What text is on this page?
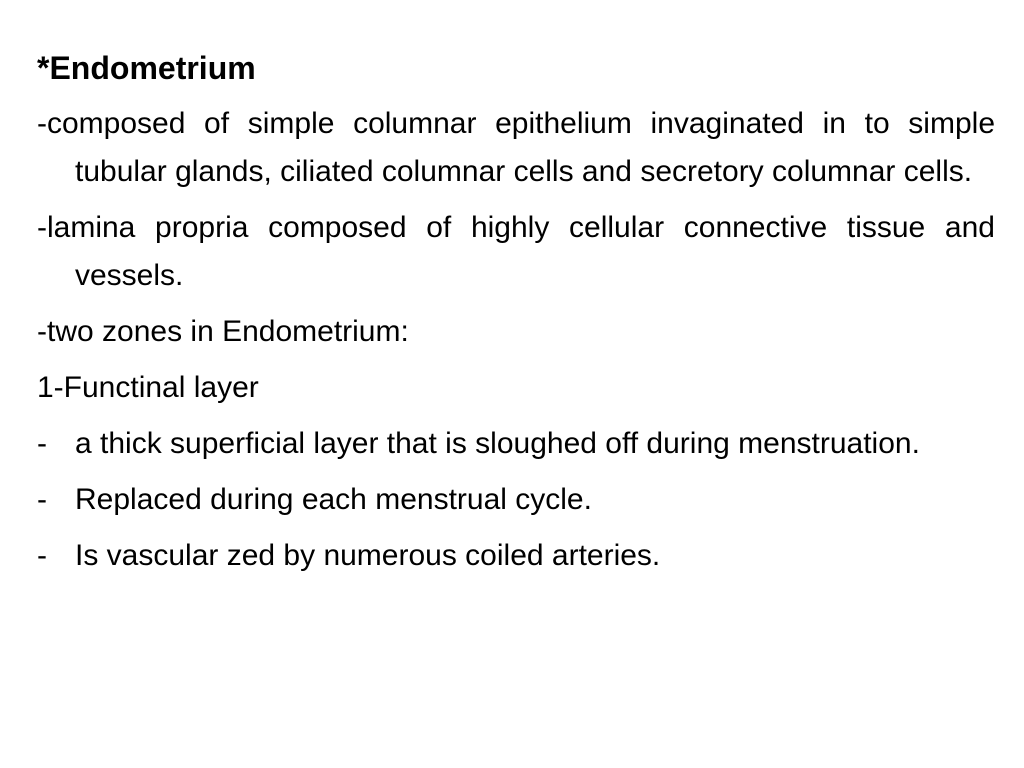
*Endometrium

-composed of simple columnar epithelium invaginated in to simple tubular glands, ciliated columnar cells and secretory columnar cells.

-lamina propria composed of highly cellular connective tissue and vessels.

-two zones in Endometrium:

1-Functinal layer

- a thick superficial layer that is sloughed off during menstruation.
- Replaced during each menstrual cycle.
- Is vascular zed by numerous coiled arteries.
